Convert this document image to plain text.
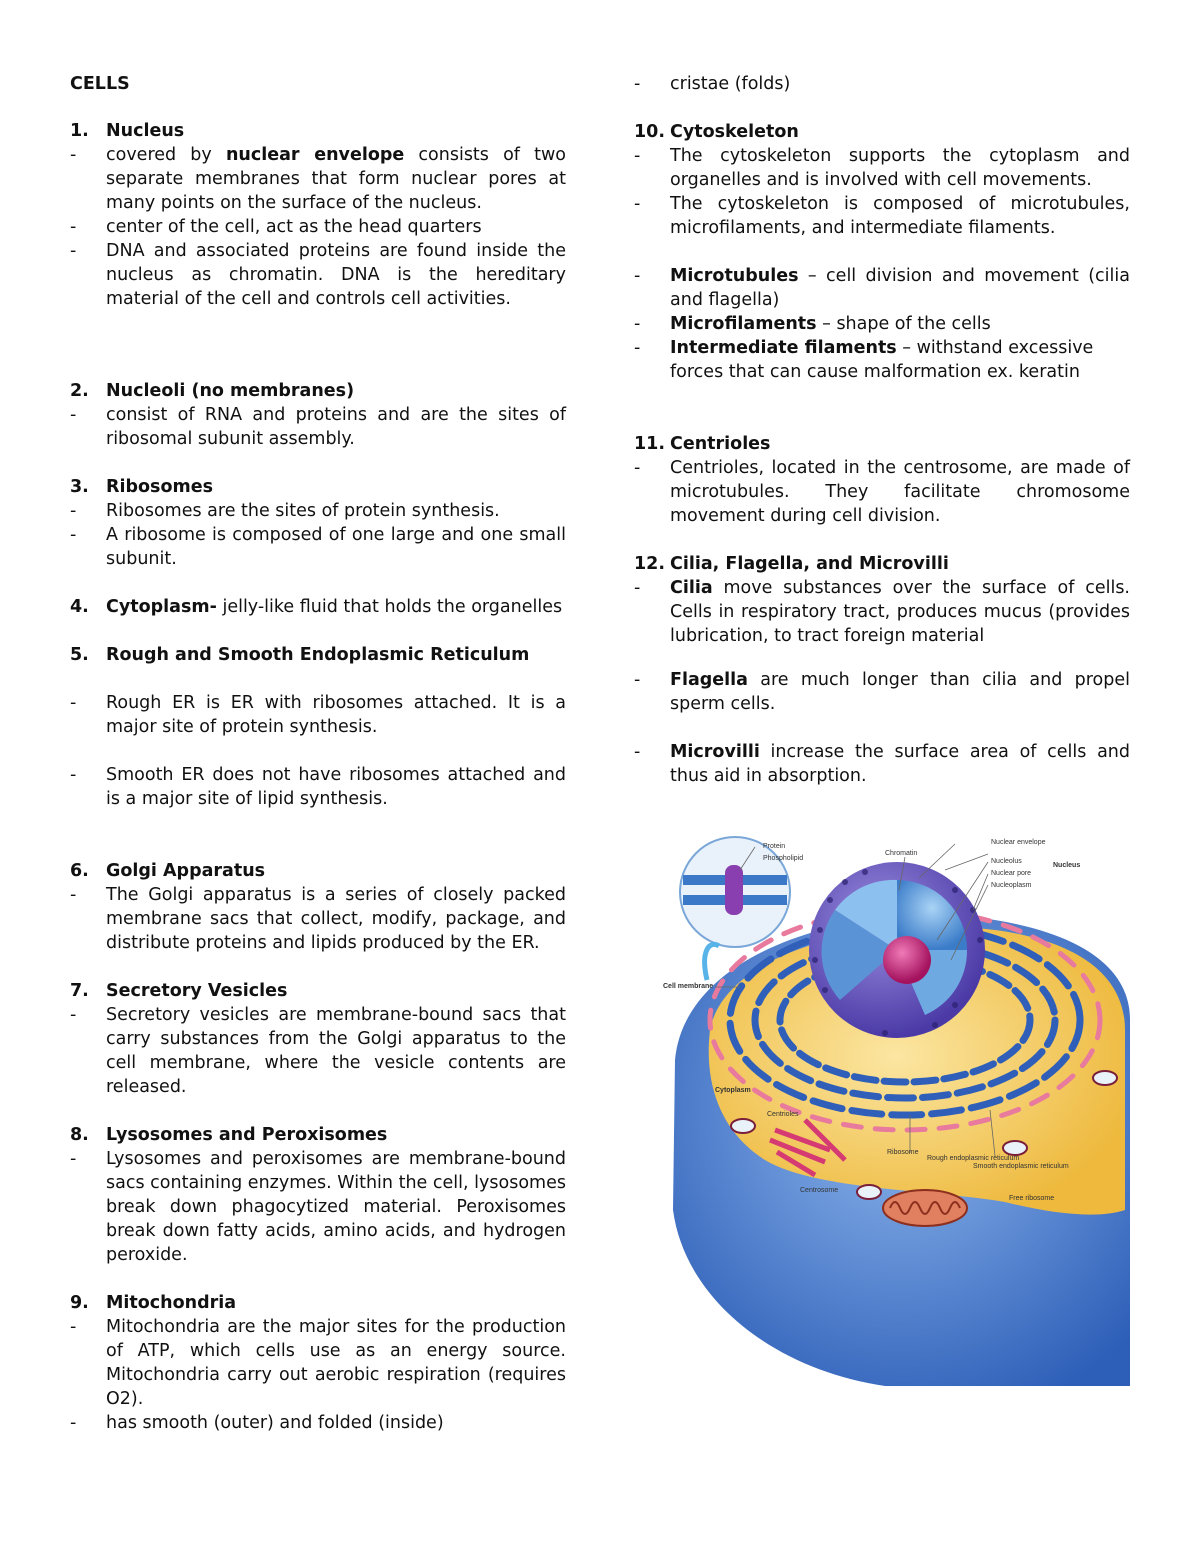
CELLS
1. Nucleus
-	covered by nuclear envelope consists of two separate membranes that form nuclear pores at many points on the surface of the nucleus.
-	center of the cell, act as the head quarters
-	DNA and associated proteins are found inside the nucleus as chromatin. DNA is the hereditary material of the cell and controls cell activities.
2. Nucleoli (no membranes)
-	consist of RNA and proteins and are the sites of ribosomal subunit assembly.
3. Ribosomes
-	Ribosomes are the sites of protein synthesis.
-	A ribosome is composed of one large and one small subunit.
4. Cytoplasm- jelly-like fluid that holds the organelles
5. Rough and Smooth Endoplasmic Reticulum
-	Rough ER is ER with ribosomes attached. It is a major site of protein synthesis.
-	Smooth ER does not have ribosomes attached and is a major site of lipid synthesis.
6. Golgi Apparatus
-	The Golgi apparatus is a series of closely packed membrane sacs that collect, modify, package, and distribute proteins and lipids produced by the ER.
7. Secretory Vesicles
-	Secretory vesicles are membrane-bound sacs that carry substances from the Golgi apparatus to the cell membrane, where the vesicle contents are released.
8. Lysosomes and Peroxisomes
-	Lysosomes and peroxisomes are membrane-bound sacs containing enzymes. Within the cell, lysosomes break down phagocytized material. Peroxisomes break down fatty acids, amino acids, and hydrogen peroxide.
9. Mitochondria
-	Mitochondria are the major sites for the production of ATP, which cells use as an energy source. Mitochondria carry out aerobic respiration (requires O2).
-	has smooth (outer) and folded (inside)
-	cristae (folds)
10. Cytoskeleton
-	The cytoskeleton supports the cytoplasm and organelles and is involved with cell movements.
-	The cytoskeleton is composed of microtubules, microfilaments, and intermediate filaments.
-	Microtubules – cell division and movement (cilia and flagella)
-	Microfilaments – shape of the cells
-	Intermediate filaments – withstand excessive forces that can cause malformation ex. keratin
11. Centrioles
-	Centrioles, located in the centrosome, are made of microtubules. They facilitate chromosome movement during cell division.
12. Cilia, Flagella, and Microvilli
-	Cilia move substances over the surface of cells. Cells in respiratory tract, produces mucus (provides lubrication, to tract foreign material
-	Flagella are much longer than cilia and propel sperm cells.
-	Microvilli increase the surface area of cells and thus aid in absorption.
Protein
Phospholipid
Chromatin
Nuclear envelope
Nucleolus
Nuclear pore
Nucleoplasm
Nucleus
Cell membrane
Cytoplasm
Centrioles
Centrosome
Ribosome
Rough endoplasmic reticulum
Smooth endoplasmic reticulum
Free ribosome
